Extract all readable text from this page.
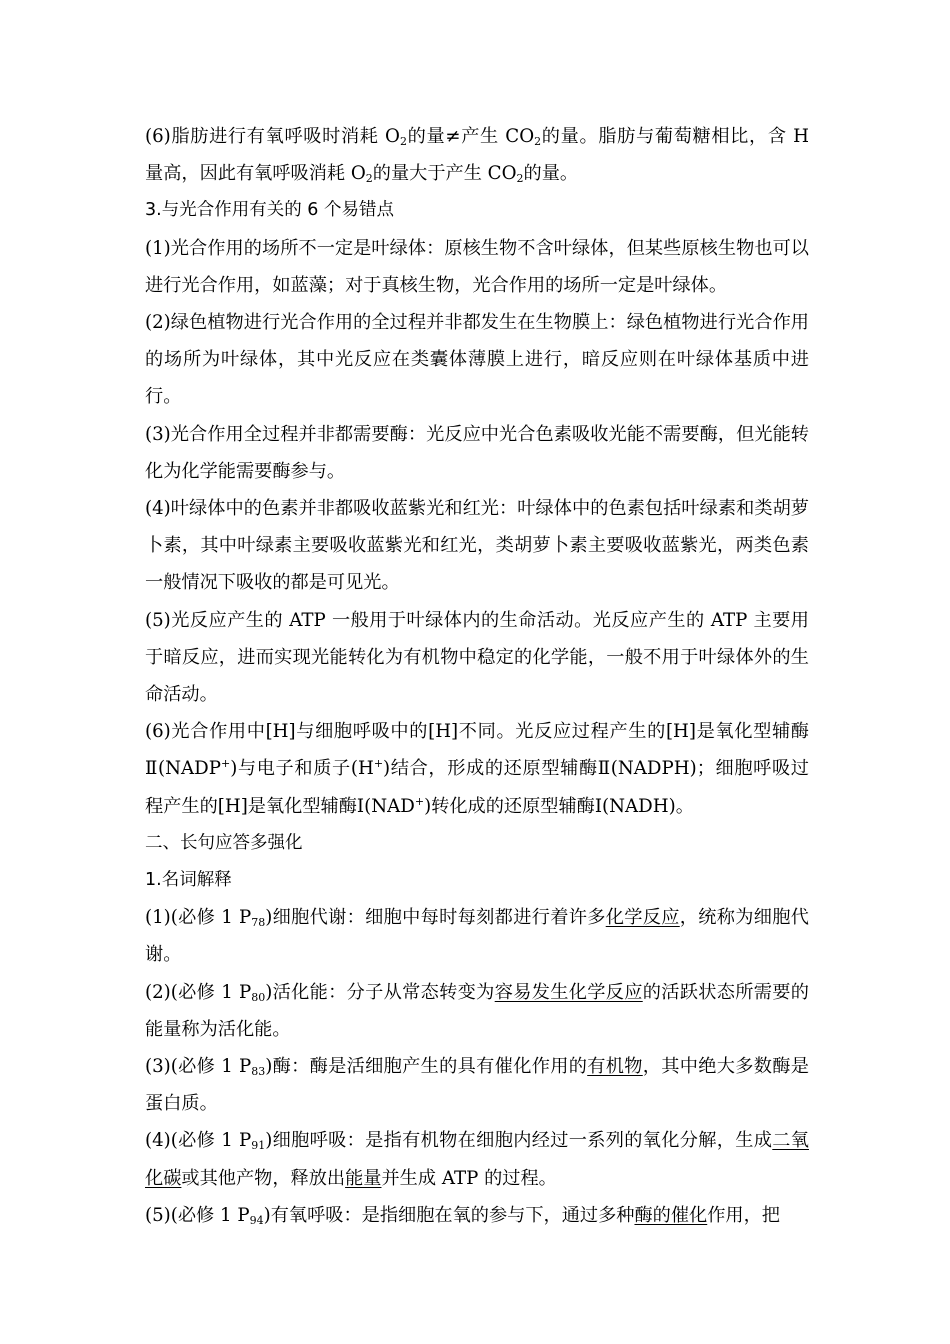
(6)脂肪进行有氧呼吸时消耗 $O_2$的量≠产生 $CO_2$的量。脂肪与葡萄糖相比，含 H 量高，因此有氧呼吸消耗 $O_2$的量大于产生 $CO_2$的量。

3.与光合作用有关的 6 个易错点

(1)光合作用的场所不一定是叶绿体：原核生物不含叶绿体，但某些原核生物也可以进行光合作用，如蓝藻；对于真核生物，光合作用的场所一定是叶绿体。

(2)绿色植物进行光合作用的全过程并非都发生在生物膜上：绿色植物进行光合作用的场所为叶绿体，其中光反应在类囊体薄膜上进行，暗反应则在叶绿体基质中进行。

(3)光合作用全过程并非都需要酶：光反应中光合色素吸收光能不需要酶，但光能转化为化学能需要酶参与。

(4)叶绿体中的色素并非都吸收蓝紫光和红光：叶绿体中的色素包括叶绿素和类胡萝卜素，其中叶绿素主要吸收蓝紫光和红光，类胡萝卜素主要吸收蓝紫光，两类色素一般情况下吸收的都是可见光。

(5)光反应产生的 ATP 一般用于叶绿体内的生命活动。光反应产生的 ATP 主要用于暗反应，进而实现光能转化为有机物中稳定的化学能，一般不用于叶绿体外的生命活动。

(6)光合作用中[H]与细胞呼吸中的[H]不同。光反应过程产生的[H]是氧化型辅酶Ⅱ(NADP+)与电子和质子(H+)结合，形成的还原型辅酶Ⅱ(NADPH)；细胞呼吸过程产生的[H]是氧化型辅酶Ⅰ(NAD+)转化成的还原型辅酶Ⅰ(NADH)。

二、长句应答多强化

1.名词解释

(1)(必修 1 $P_{78}$)细胞代谢：细胞中每时每刻都进行着许多化学反应，统称为细胞代谢。

(2)(必修 1 $P_{80}$)活化能：分子从常态转变为容易发生化学反应的活跃状态所需要的能量称为活化能。

(3)(必修 1 $P_{83}$)酶：酶是活细胞产生的具有催化作用的有机物，其中绝大多数酶是蛋白质。

(4)(必修 1 $P_{91}$)细胞呼吸：是指有机物在细胞内经过一系列的氧化分解，生成二氧化碳或其他产物，释放出能量并生成 ATP 的过程。

(5)(必修 1 $P_{94}$)有氧呼吸：是指细胞在氧的参与下，通过多种酶的催化作用，把
